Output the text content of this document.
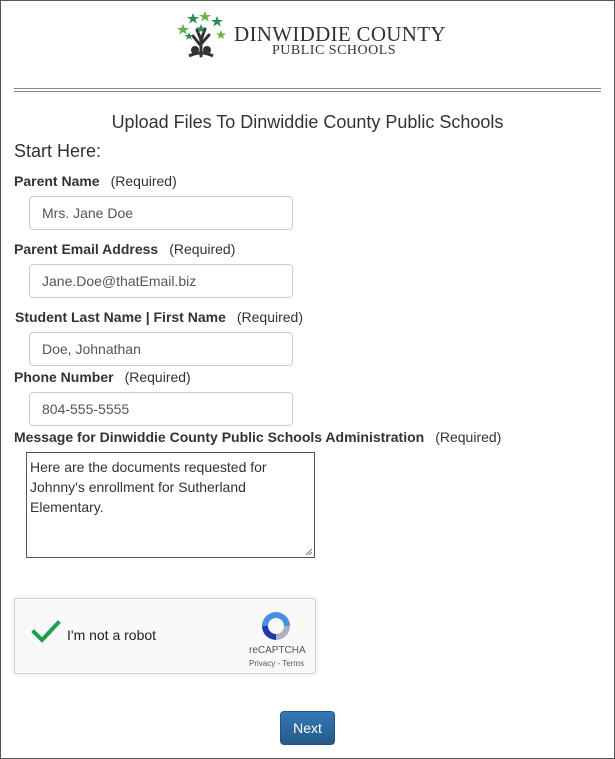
DINWIDDIE COUNTY
PUBLIC SCHOOLS
Upload Files To Dinwiddie County Public Schools
Start Here:
Parent Name (Required)
Mrs. Jane Doe
Parent Email Address (Required)
Jane.Doe@thatEmail.biz
Student Last Name | First Name (Required)
Doe, Johnathan
Phone Number (Required)
804-555-5555
Message for Dinwiddie County Public Schools Administration (Required)
Here are the documents requested for Johnny's enrollment for Sutherland Elementary.
I'm not a robot
reCAPTCHA
Privacy - Terms
Next
